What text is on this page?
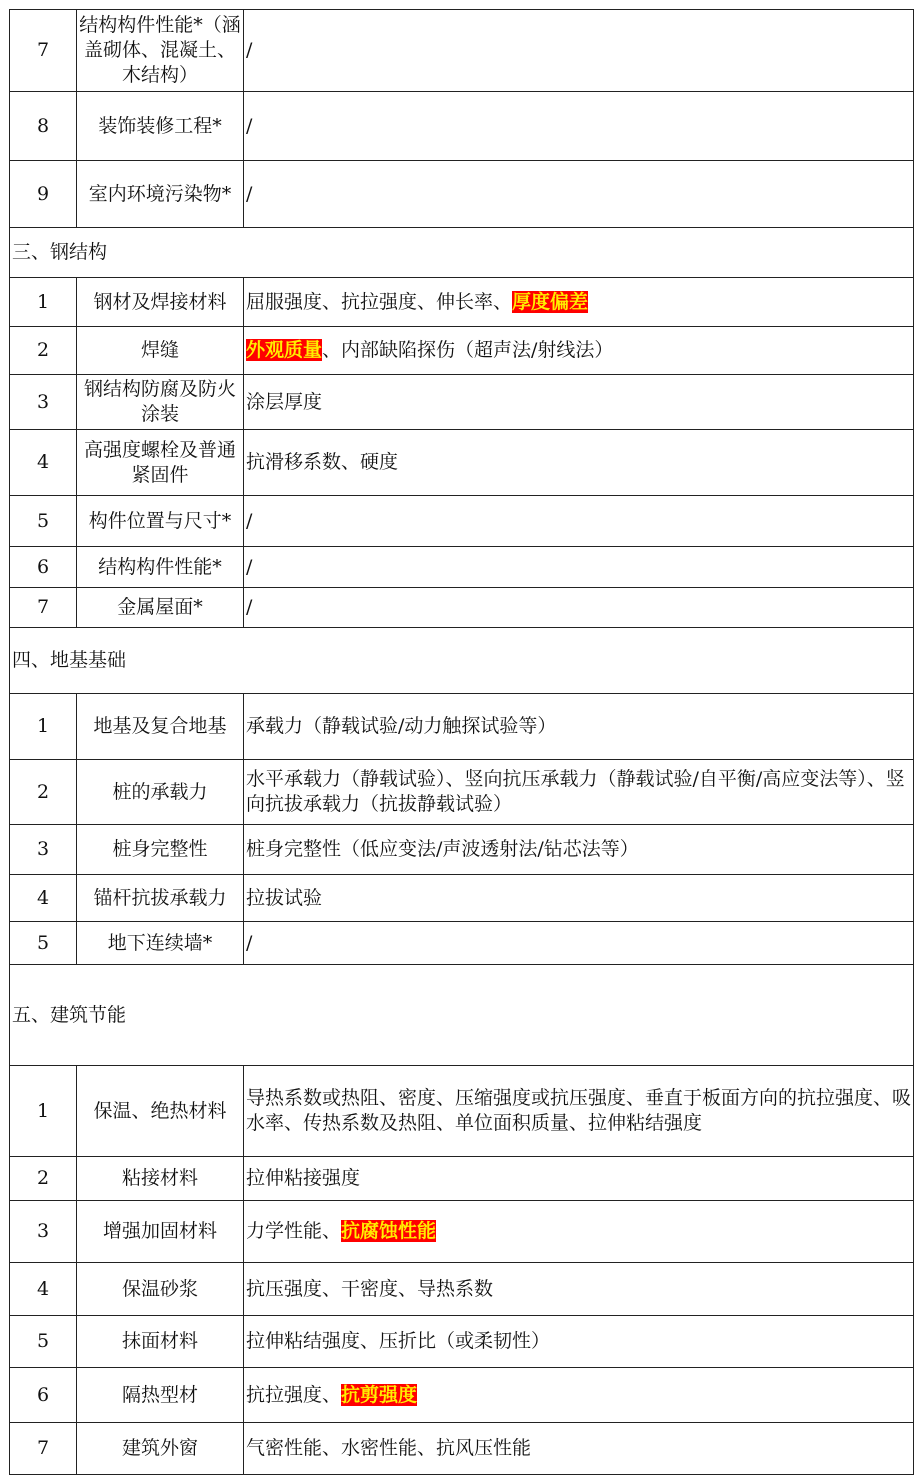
7	结构构件性能*（涵盖砌体、混凝土、木结构）	/
8	装饰装修工程*	/
9	室内环境污染物*	/
三、钢结构		
1	钢材及焊接材料	屈服强度、抗拉强度、伸长率、厚度偏差
2	焊缝	外观质量、内部缺陷探伤（超声法/射线法）
3	钢结构防腐及防火涂装	涂层厚度
4	高强度螺栓及普通紧固件	抗滑移系数、硬度
5	构件位置与尺寸*	/
6	结构构件性能*	/
7	金属屋面*	/
四、地基基础		
1	地基及复合地基	承载力（静载试验/动力触探试验等）
2	桩的承载力	水平承载力（静载试验）、竖向抗压承载力（静载试验/自平衡/高应变法等）、竖向抗拔承载力（抗拔静载试验）
3	桩身完整性	桩身完整性（低应变法/声波透射法/钻芯法等）
4	锚杆抗拔承载力	拉拔试验
5	地下连续墙*	/
五、建筑节能		
1	保温、绝热材料	导热系数或热阻、密度、压缩强度或抗压强度、垂直于板面方向的抗拉强度、吸水率、传热系数及热阻、单位面积质量、拉伸粘结强度
2	粘接材料	拉伸粘接强度
3	增强加固材料	力学性能、抗腐蚀性能
4	保温砂浆	抗压强度、干密度、导热系数
5	抹面材料	拉伸粘结强度、压折比（或柔韧性）
6	隔热型材	抗拉强度、抗剪强度
7	建筑外窗	气密性能、水密性能、抗风压性能
